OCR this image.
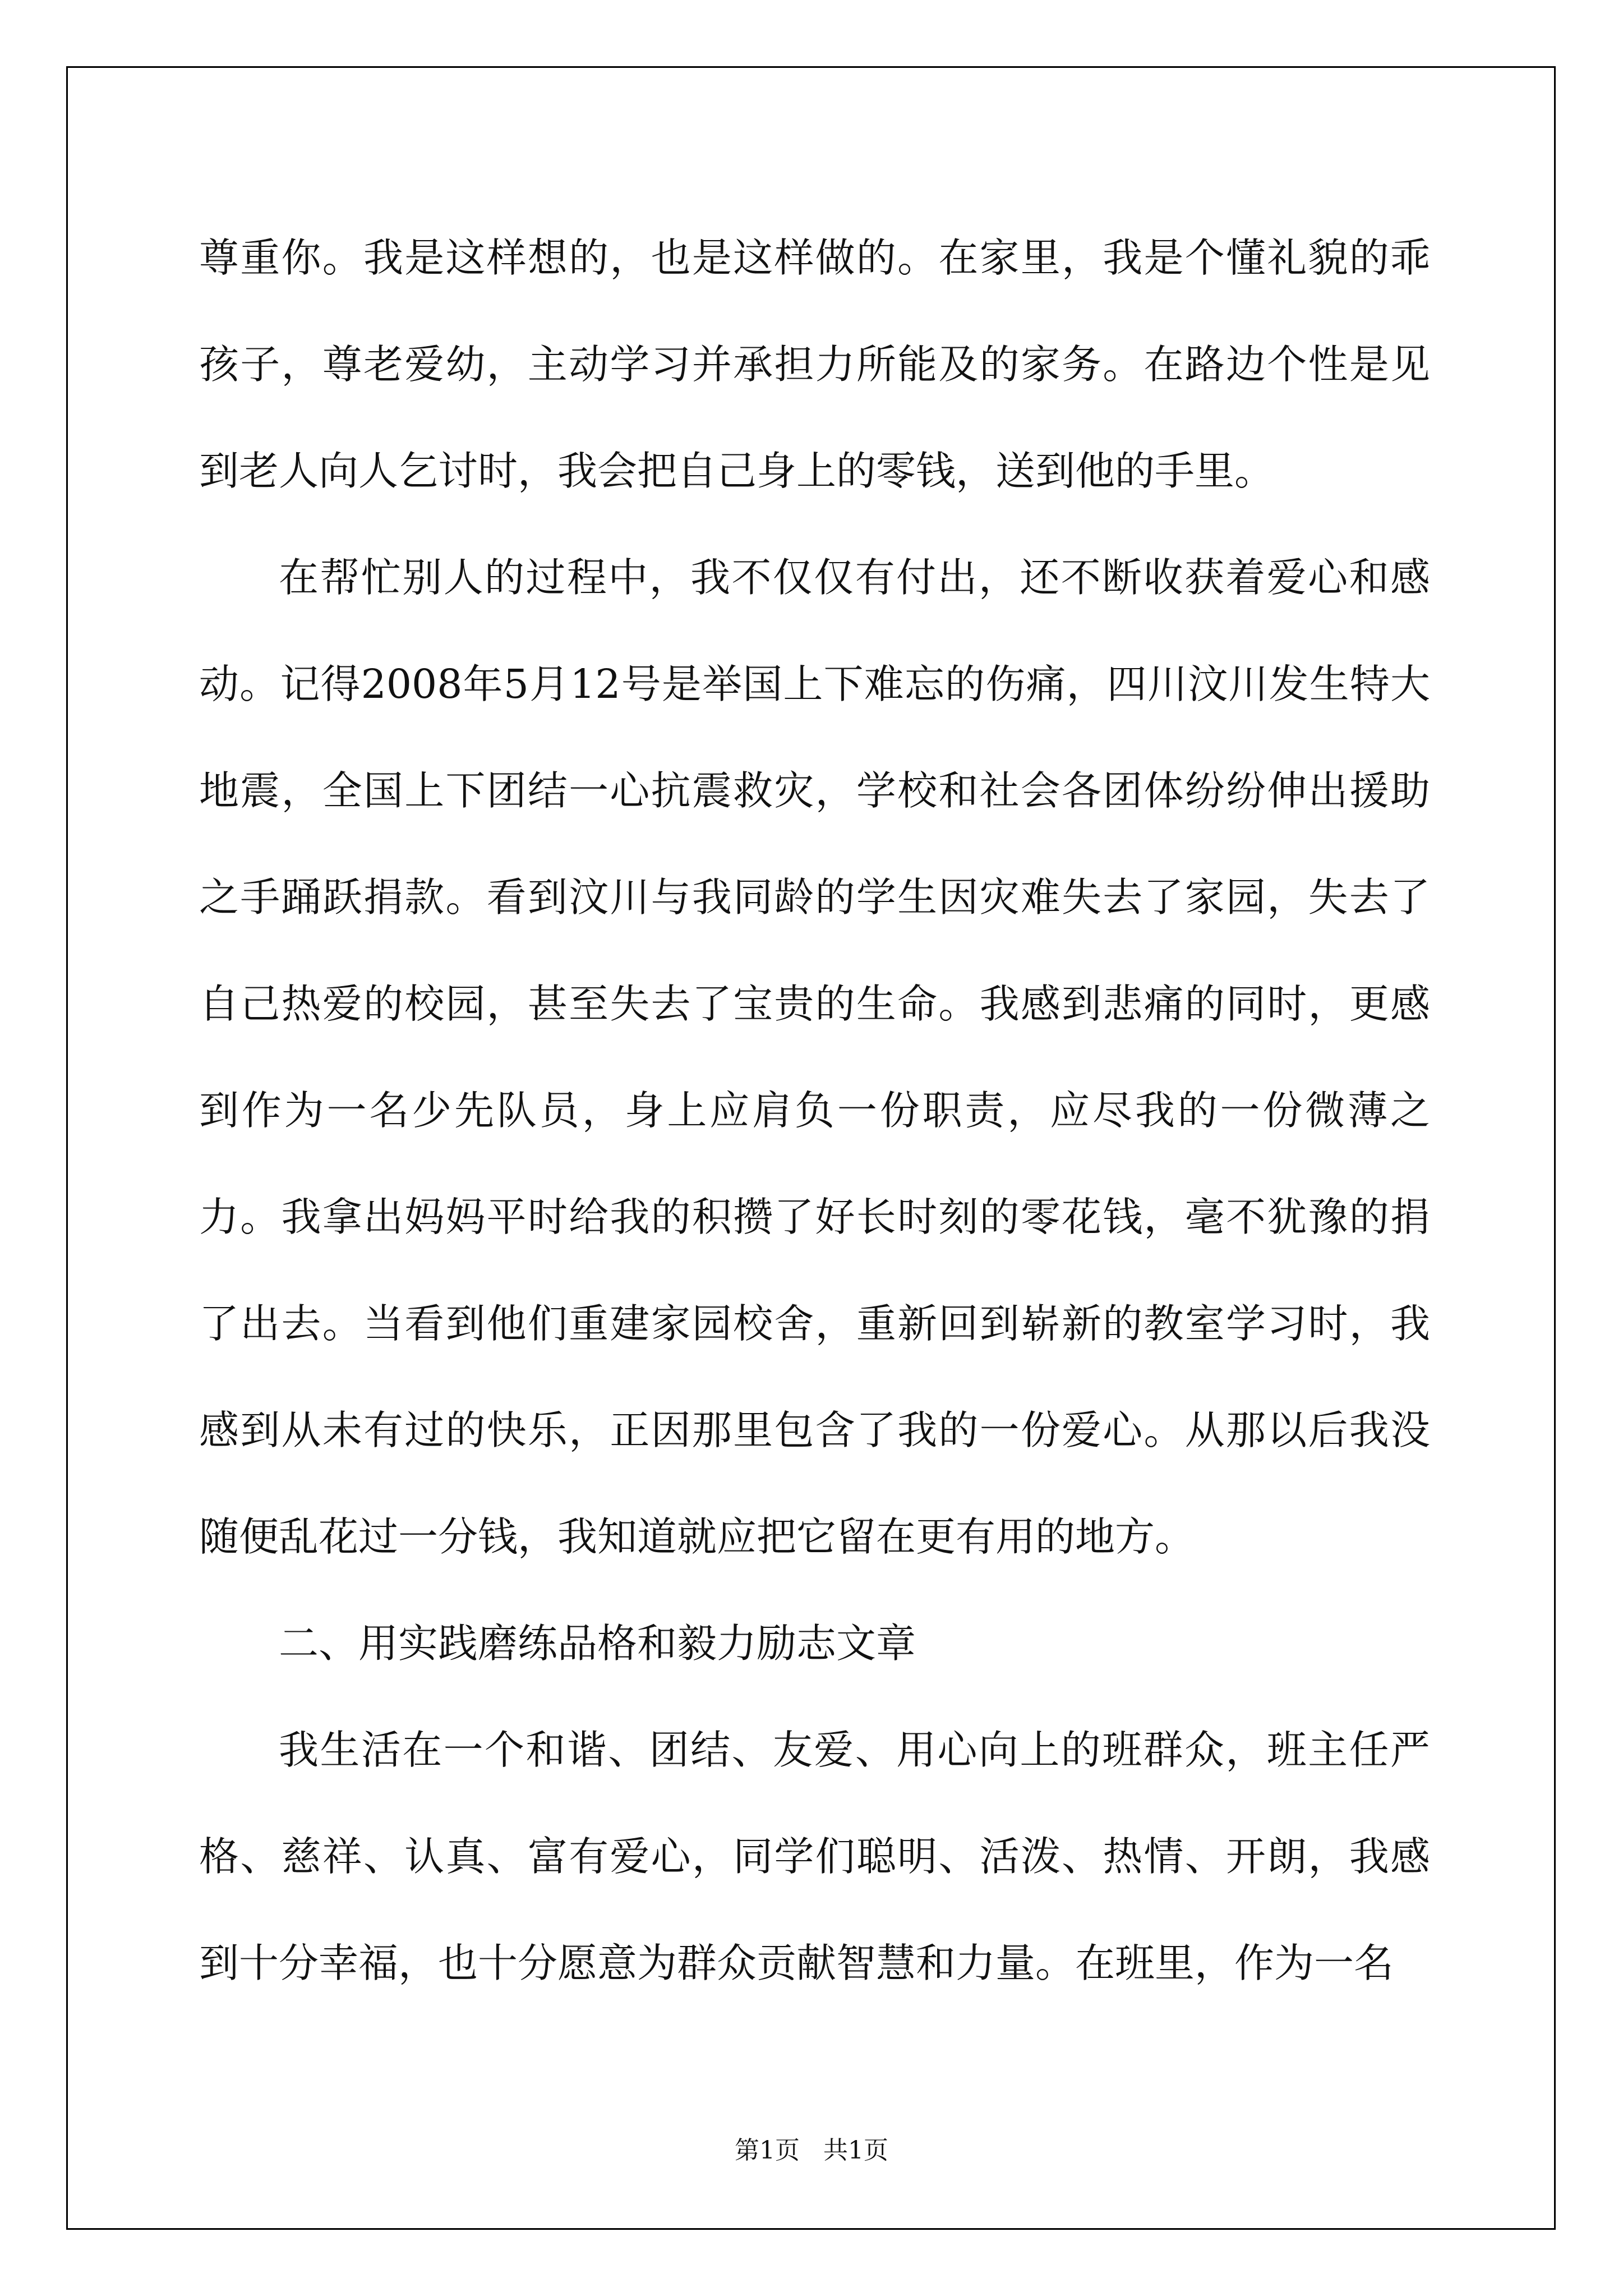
尊重你。我是这样想的，也是这样做的。在家里，我是个懂礼貌的乖孩子，尊老爱幼，主动学习并承担力所能及的家务。在路边个性是见到老人向人乞讨时，我会把自己身上的零钱，送到他的手里。

在帮忙别人的过程中，我不仅仅有付出，还不断收获着爱心和感动。记得2008年5月12号是举国上下难忘的伤痛，四川汶川发生特大地震，全国上下团结一心抗震救灾，学校和社会各团体纷纷伸出援助之手踊跃捐款。看到汶川与我同龄的学生因灾难失去了家园，失去了自己热爱的校园，甚至失去了宝贵的生命。我感到悲痛的同时，更感到作为一名少先队员，身上应肩负一份职责，应尽我的一份微薄之力。我拿出妈妈平时给我的积攒了好长时刻的零花钱，毫不犹豫的捐了出去。当看到他们重建家园校舍，重新回到崭新的教室学习时，我感到从未有过的快乐，正因那里包含了我的一份爱心。从那以后我没随便乱花过一分钱，我知道就应把它留在更有用的地方。

二、用实践磨练品格和毅力励志文章

我生活在一个和谐、团结、友爱、用心向上的班群众，班主任严格、慈祥、认真、富有爱心，同学们聪明、活泼、热情、开朗，我感到十分幸福，也十分愿意为群众贡献智慧和力量。在班里，作为一名

第1页   共1页
